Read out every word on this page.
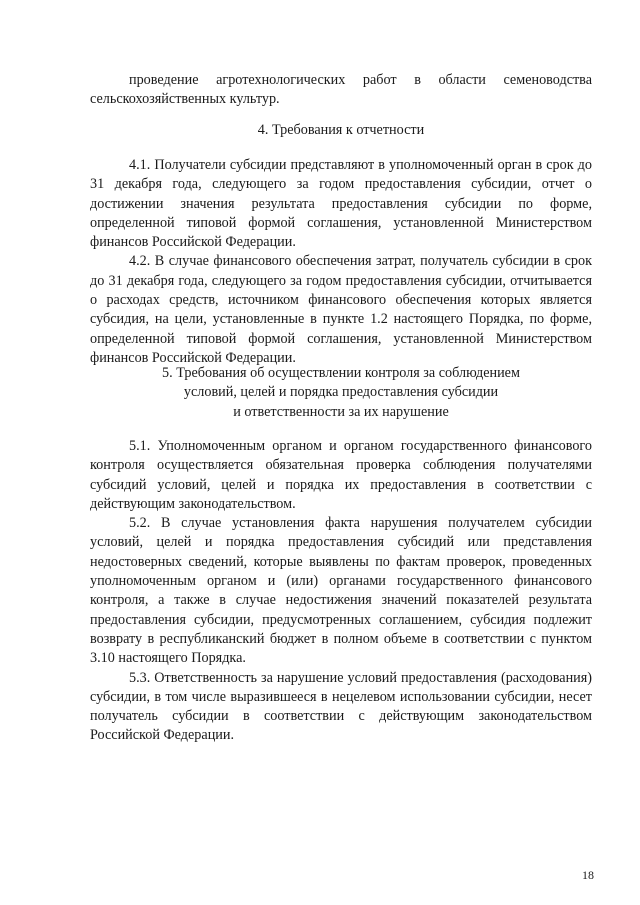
проведение агротехнологических работ в области семеноводства сельскохозяйственных культур.

4. Требования к отчетности

4.1. Получатели субсидии представляют в уполномоченный орган в срок до 31 декабря года, следующего за годом предоставления субсидии, отчет о достижении значения результата предоставления субсидии по форме, определенной типовой формой соглашения, установленной Министерством финансов Российской Федерации.

4.2. В случае финансового обеспечения затрат, получатель субсидии в срок до 31 декабря года, следующего за годом предоставления субсидии, отчитывается о расходах средств, источником финансового обеспечения которых является субсидия, на цели, установленные в пункте 1.2 настоящего Порядка, по форме, определенной типовой формой соглашения, установленной Министерством финансов Российской Федерации.

5. Требования об осуществлении контроля за соблюдением
условий, целей и порядка предоставления субсидии
и ответственности за их нарушение

5.1. Уполномоченным органом и органом государственного финансового контроля осуществляется обязательная проверка соблюдения получателями субсидий условий, целей и порядка их предоставления в соответствии с действующим законодательством.

5.2. В случае установления факта нарушения получателем субсидии условий, целей и порядка предоставления субсидий или представления недостоверных сведений, которые выявлены по фактам проверок, проведенных уполномоченным органом и (или) органами государственного финансового контроля, а также в случае недостижения значений показателей результата предоставления субсидии, предусмотренных соглашением, субсидия подлежит возврату в республиканский бюджет в полном объеме в соответствии с пунктом 3.10 настоящего Порядка.

5.3. Ответственность за нарушение условий предоставления (расходования) субсидии, в том числе выразившееся в нецелевом использовании субсидии, несет получатель субсидии в соответствии с действующим законодательством Российской Федерации.

18
